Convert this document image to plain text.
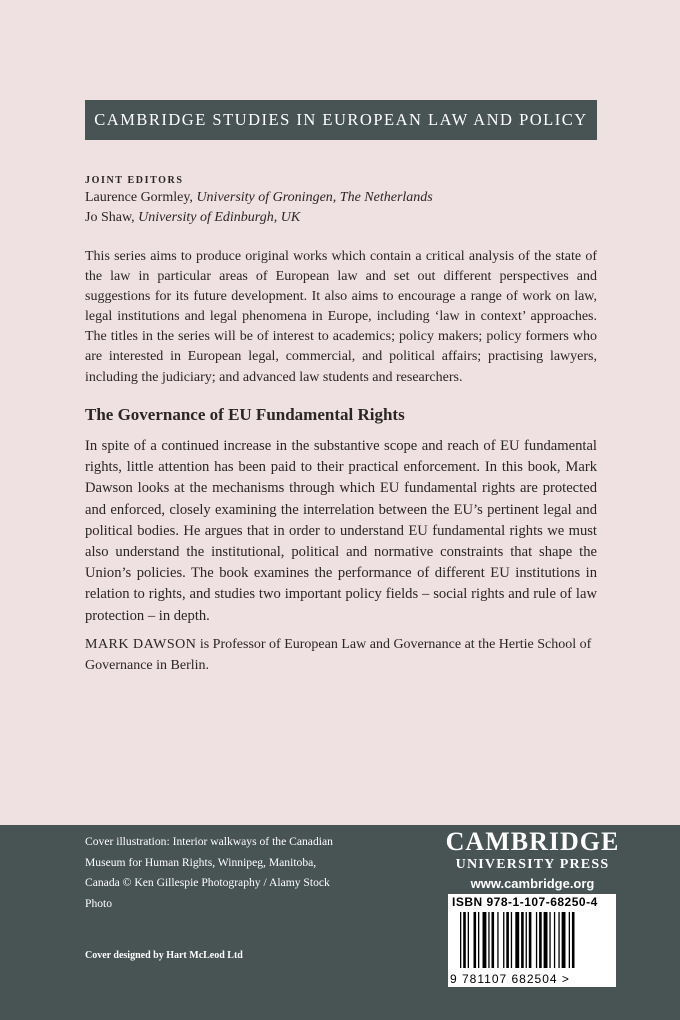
CAMBRIDGE STUDIES IN EUROPEAN LAW AND POLICY
JOINT EDITORS
Laurence Gormley, University of Groningen, The Netherlands
Jo Shaw, University of Edinburgh, UK

This series aims to produce original works which contain a critical analysis of the state of the law in particular areas of European law and set out different perspectives and suggestions for its future development. It also aims to encourage a range of work on law, legal institutions and legal phenomena in Europe, including ‘law in context’ approaches. The titles in the series will be of interest to academics; policy makers; policy formers who are interested in European legal, commercial, and political affairs; practising lawyers, including the judiciary; and advanced law students and researchers.

The Governance of EU Fundamental Rights

In spite of a continued increase in the substantive scope and reach of EU fundamental rights, little attention has been paid to their practical enforcement. In this book, Mark Dawson looks at the mechanisms through which EU fundamental rights are protected and enforced, closely examining the interrelation between the EU’s pertinent legal and political bodies. He argues that in order to understand EU fundamental rights we must also understand the institutional, political and normative constraints that shape the Union’s policies. The book examines the performance of different EU institutions in relation to rights, and studies two important policy fields – social rights and rule of law protection – in depth.

MARK DAWSON is Professor of European Law and Governance at the Hertie School of Governance in Berlin.

Cover illustration: Interior walkways of the Canadian Museum for Human Rights, Winnipeg, Manitoba, Canada © Ken Gillespie Photography / Alamy Stock Photo

Cover designed by Hart McLeod Ltd

CAMBRIDGE
UNIVERSITY PRESS
www.cambridge.org
ISBN 978-1-107-68250-4
9 781107 682504 >
